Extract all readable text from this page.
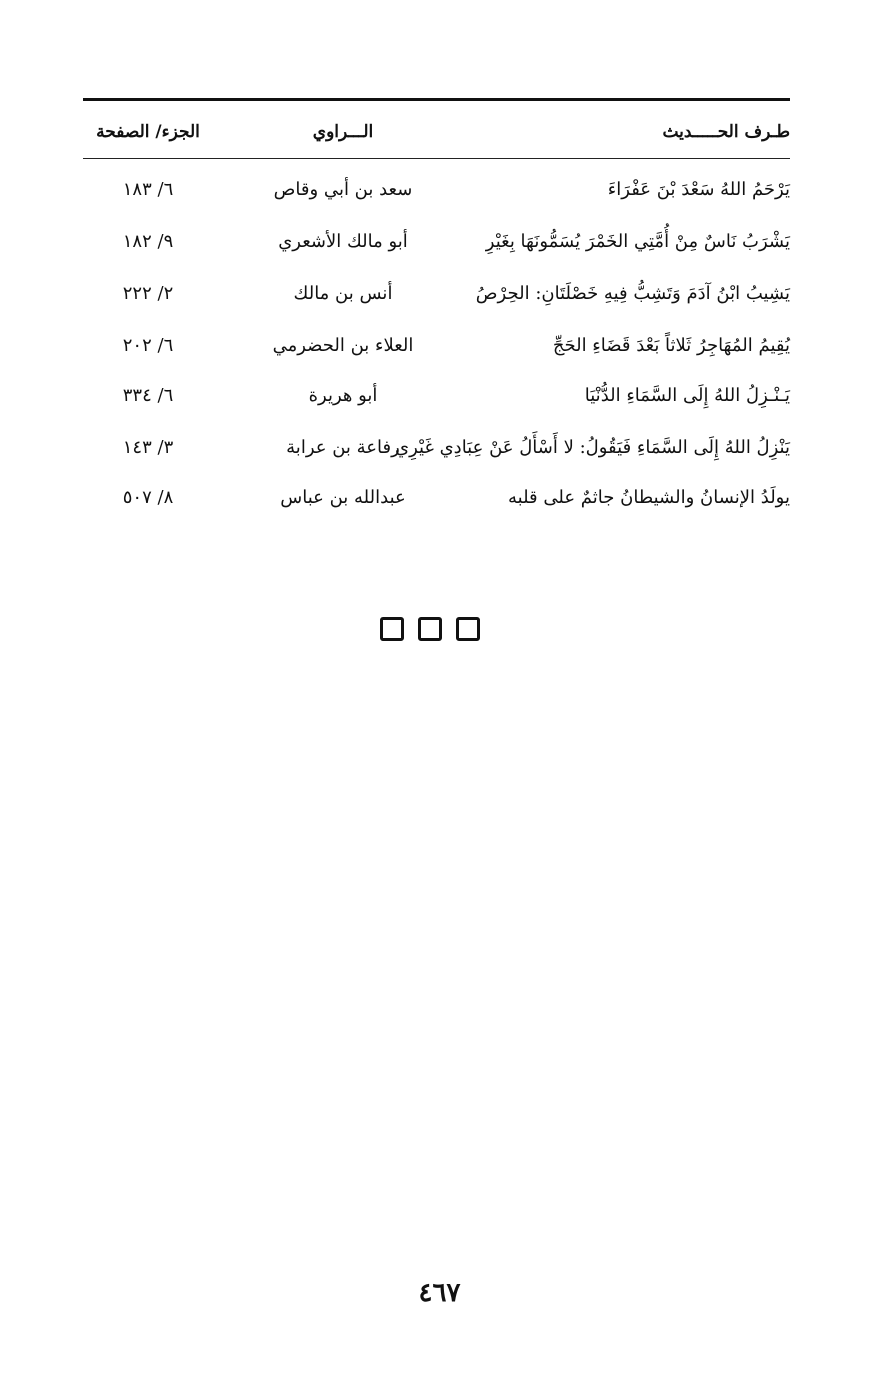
طـرف الحـــــديث
الـــراوي
الجزء/ الصفحة
يَرْحَمُ اللهُ سَعْدَ بْنَ عَفْرَاءَ
سعد بن أبي وقاص
٦/ ١٨٣
يَشْرَبُ نَاسٌ مِنْ أُمَّتِي الخَمْرَ يُسَمُّونَهَا بِغَيْرِ
أبو مالك الأشعري
٩/ ١٨٢
يَشِيبُ ابْنُ آدَمَ وَتَشِبُّ فِيهِ خَصْلَتَانِ: الحِرْصُ
أنس بن مالك
٢/ ٢٢٢
يُقِيمُ المُهَاجِرُ ثَلاثاً بَعْدَ قَضَاءِ الحَجِّ
العلاء بن الحضرمي
٦/ ٢٠٢
يَـنْـزِلُ اللهُ إِلَى السَّمَاءِ الدُّنْيَا
أبو هريرة
٦/ ٣٣٤
يَنْزِلُ اللهُ إِلَى السَّمَاءِ فَيَقُولُ: لا أَسْأَلُ عَنْ عِبَادِي غَيْرِي
رفاعة بن عرابة
٣/ ١٤٣
يولَدُ الإنسانُ والشيطانُ جاثمٌ على قلبه
عبدالله بن عباس
٨/ ٥٠٧
٤٦٧
